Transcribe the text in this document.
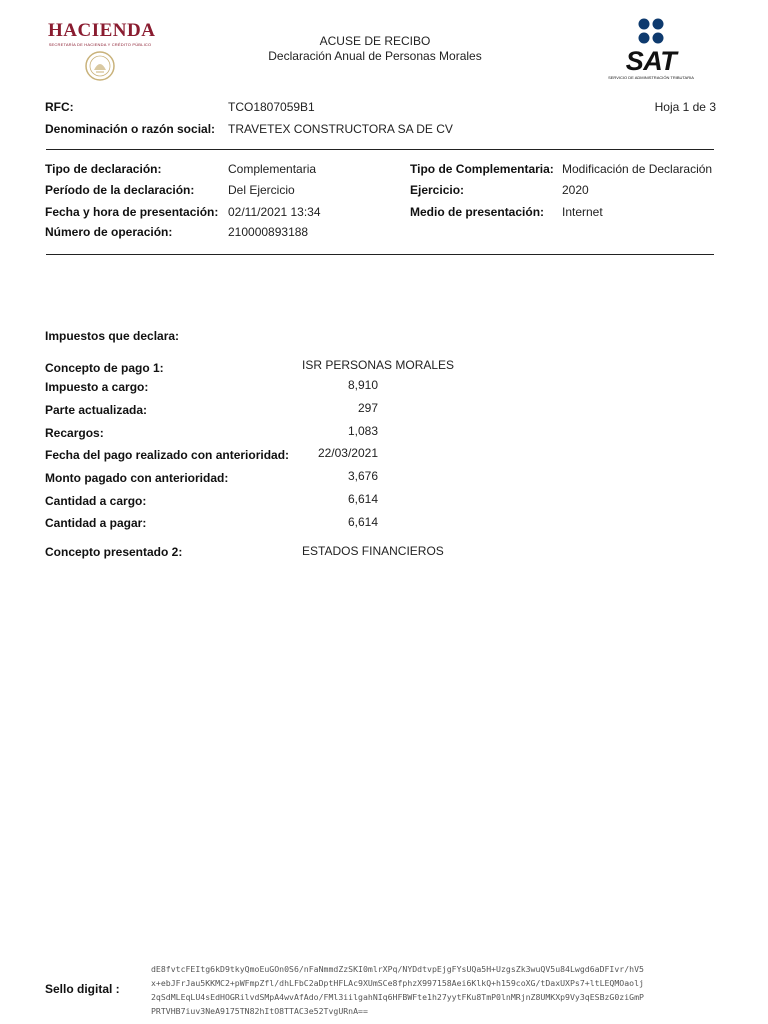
HACIENDA
SECRETARÍA DE HACIENDA Y CRÉDITO PÚBLICO	ACUSE DE RECIBO
Declaración Anual de Personas Morales	SAT
SERVICIO DE ADMINISTRACIÓN TRIBUTARIA
RFC:	TCO1807059B1	Hoja 1 de 3
Denominación o razón social: TRAVETEX CONSTRUCTORA SA DE CV
Tipo de declaración:	Complementaria	Tipo de Complementaria: Modificación de Declaración
Período de la declaración:	Del Ejercicio	Ejercicio:	2020
Fecha y hora de presentación: 02/11/2021 13:34	Medio de presentación: Internet
Número de operación:	210000893188
Impuestos que declara:
Concepto de pago 1:	ISR PERSONAS MORALES
Impuesto a cargo:	8,910
Parte actualizada:	297
Recargos:	1,083
Fecha del pago realizado con anterioridad:	22/03/2021
Monto pagado con anterioridad:	3,676
Cantidad a cargo:	6,614
Cantidad a pagar:	6,614
Concepto presentado 2:	ESTADOS FINANCIEROS
Sello digital :
dE8fvtcFEItg6kD9tkyQmoEuGOn0S6/nFaNmmdZzSKI0mlrXPq/NYDdtvpEjgFYsUQa5H+UzgsZk3wuQV5u84Lwgd6aDFIvr/hV5
x+ebJFrJau5KKMC2+pWFmpZfl/dhLFbC2aDptHFLAc9XUmSCe8fphzX997158Aei6KlkQ+h159coXG/tDaxUXPs7+ltLEQMOaolj
2qSdMLEqLU4sEdHOGRilvdSMpA4wvAfAdo/FMl3iilgahNIq6HFBWFte1h27yytFKu8TmP0lnMRjnZ8UMKXp9Vy3qESBzG0ziGmP
PRTVHB7iuv3NeA9175TN82hItO8TTAC3e52TvgURnA==
